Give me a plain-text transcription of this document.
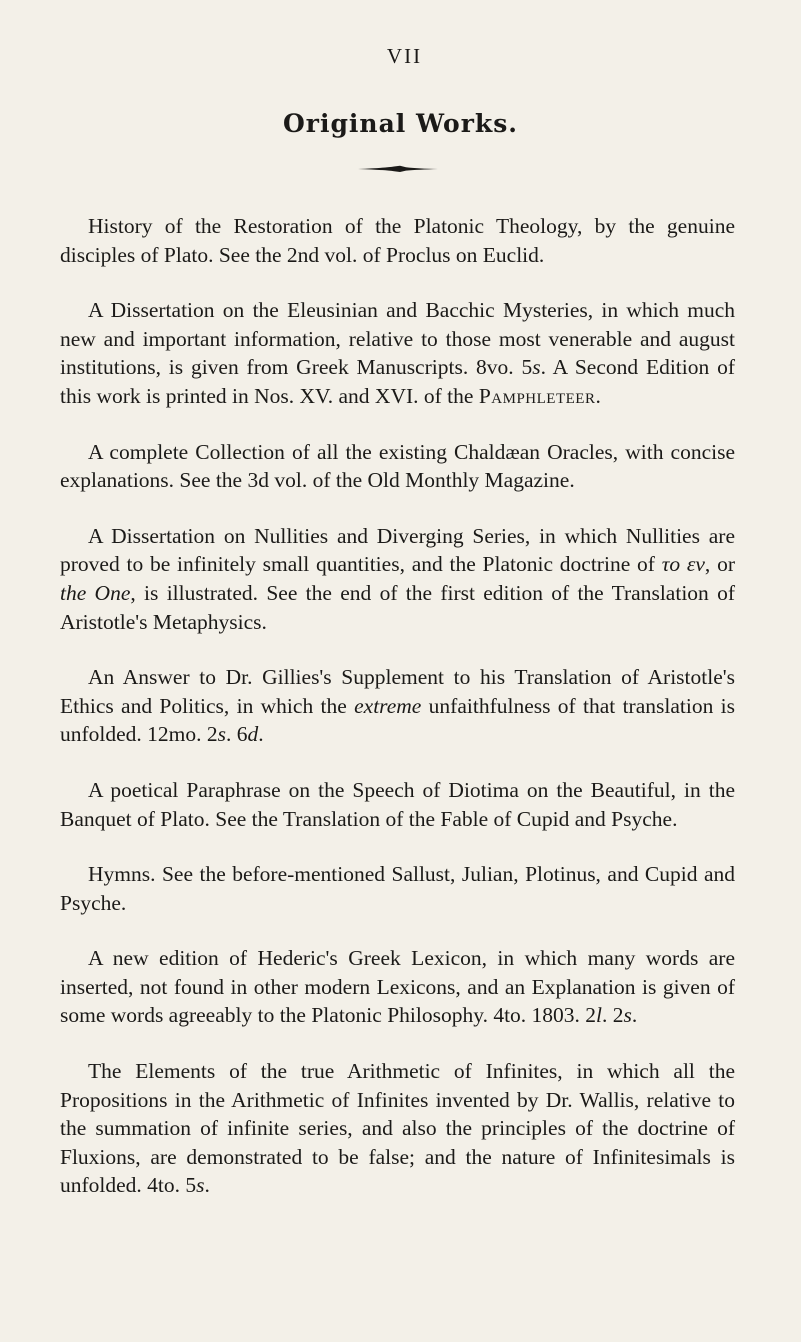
VII
Original Works.

History of the Restoration of the Platonic Theology, by the genuine disciples of Plato. See the 2nd vol. of Proclus on Euclid.

A Dissertation on the Eleusinian and Bacchic Mysteries, in which much new and important information, relative to those most venerable and august institutions, is given from Greek Manuscripts. 8vo. 5s. A Second Edition of this work is printed in Nos. XV. and XVI. of the Pamphleteer.

A complete Collection of all the existing Chaldæan Oracles, with concise explanations. See the 3d vol. of the Old Monthly Magazine.

A Dissertation on Nullities and Diverging Series, in which Nullities are proved to be infinitely small quantities, and the Platonic doctrine of το εν, or the One, is illustrated. See the end of the first edition of the Translation of Aristotle's Metaphysics.

An Answer to Dr. Gillies's Supplement to his Translation of Aristotle's Ethics and Politics, in which the extreme unfaithfulness of that translation is unfolded. 12mo. 2s. 6d.

A poetical Paraphrase on the Speech of Diotima on the Beautiful, in the Banquet of Plato. See the Translation of the Fable of Cupid and Psyche.

Hymns. See the before-mentioned Sallust, Julian, Plotinus, and Cupid and Psyche.

A new edition of Hederic's Greek Lexicon, in which many words are inserted, not found in other modern Lexicons, and an Explanation is given of some words agreeably to the Platonic Philosophy. 4to. 1803. 2l. 2s.

The Elements of the true Arithmetic of Infinites, in which all the Propositions in the Arithmetic of Infinites invented by Dr. Wallis, relative to the summation of infinite series, and also the principles of the doctrine of Fluxions, are demonstrated to be false; and the nature of Infinitesimals is unfolded. 4to. 5s.
